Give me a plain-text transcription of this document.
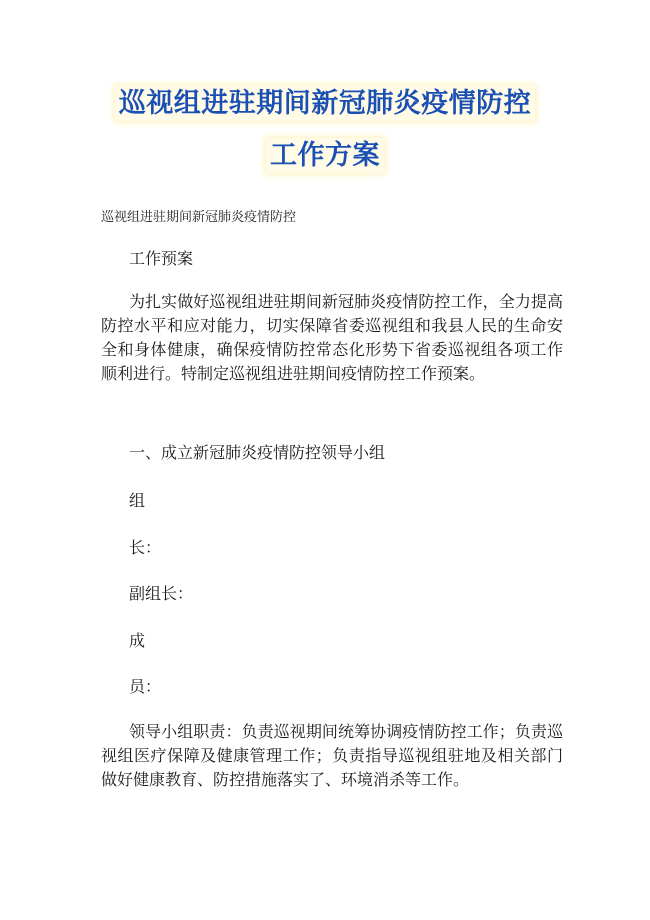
巡视组进驻期间新冠肺炎疫情防控
工作方案
巡视组进驻期间新冠肺炎疫情防控
工作预案

为扎实做好巡视组进驻期间新冠肺炎疫情防控工作，全力提高防控水平和应对能力，切实保障省委巡视组和我县人民的生命安全和身体健康，确保疫情防控常态化形势下省委巡视组各项工作顺利进行。特制定巡视组进驻期间疫情防控工作预案。

一、成立新冠肺炎疫情防控领导小组
组
长：
副组长：
成
员：

领导小组职责：负责巡视期间统筹协调疫情防控工作；负责巡视组医疗保障及健康管理工作；负责指导巡视组驻地及相关部门做好健康教育、防控措施落实了、环境消杀等工作。
